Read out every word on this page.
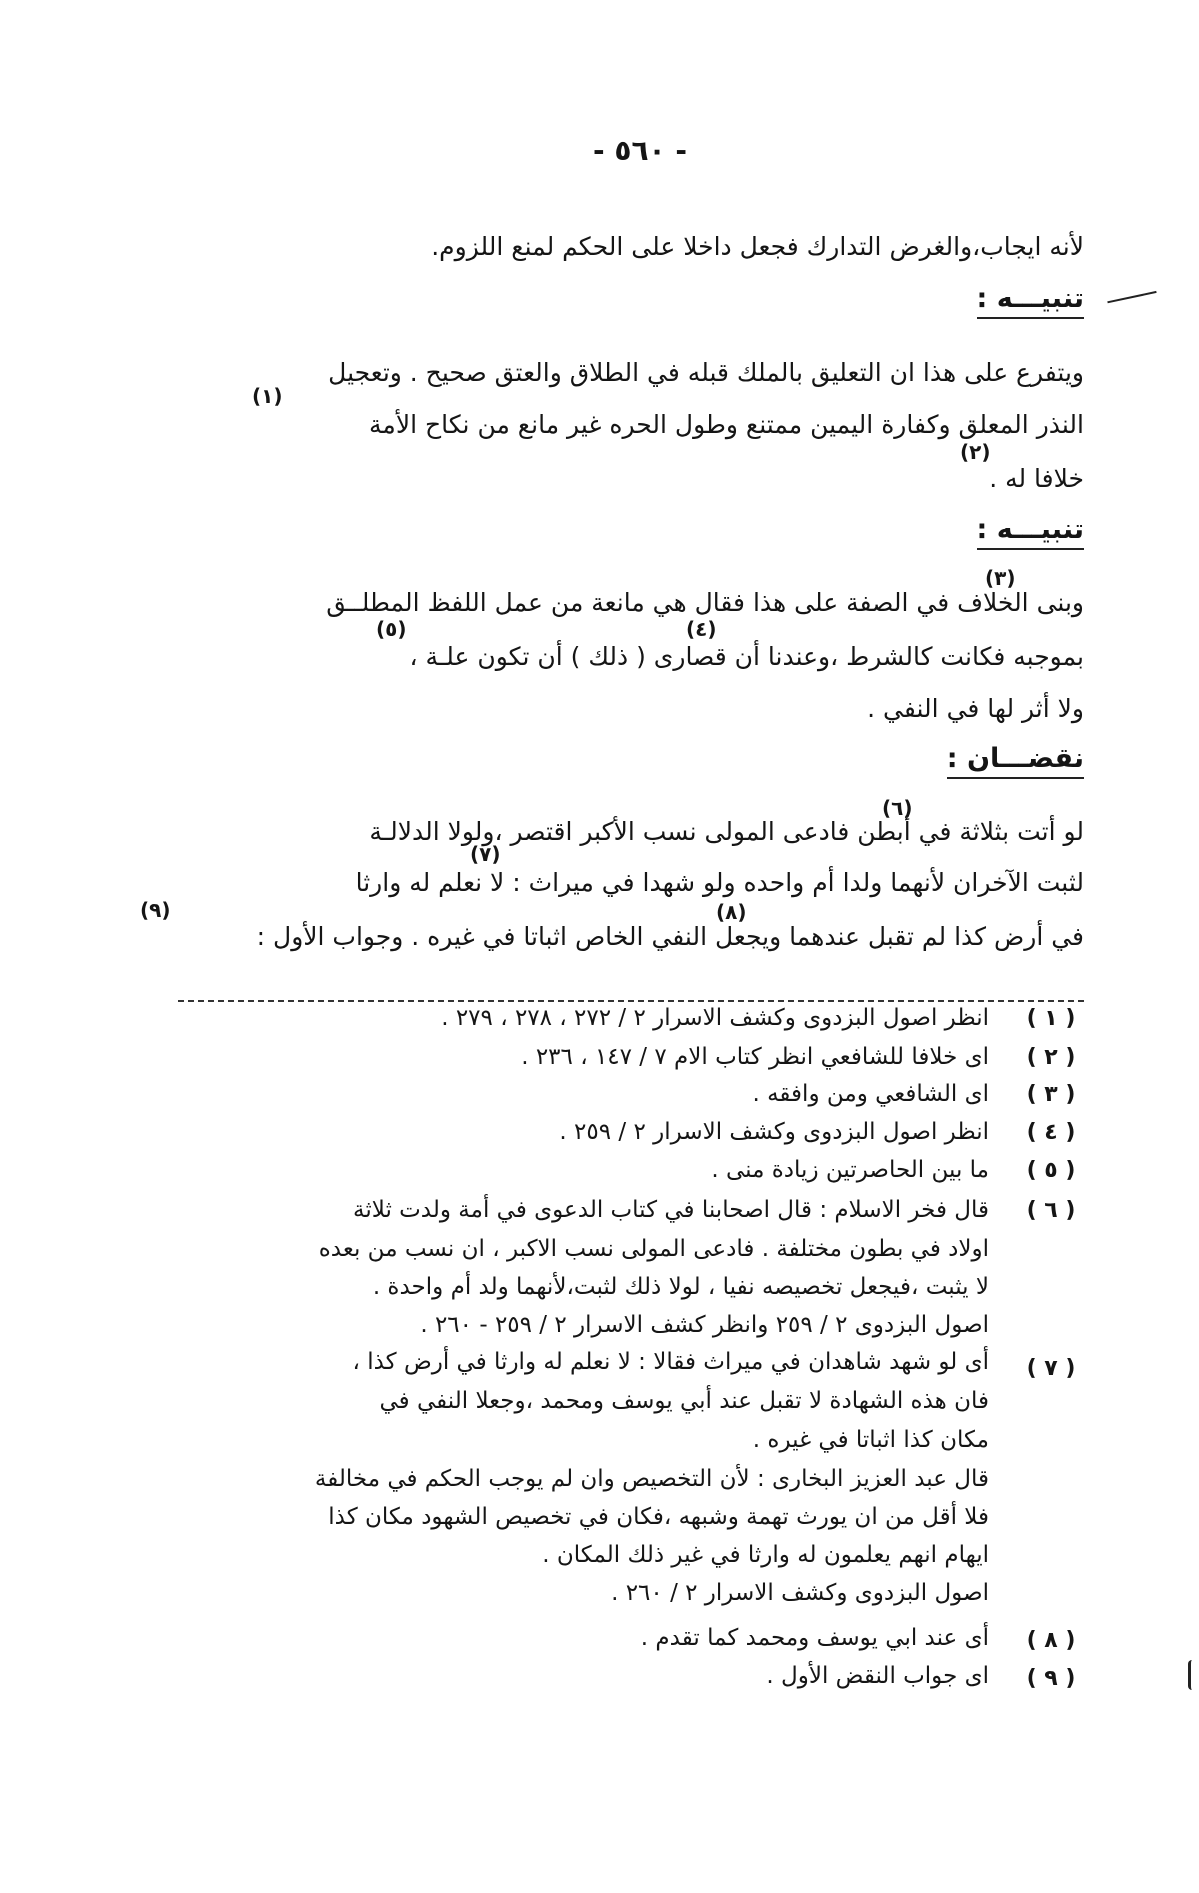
- ٥٦٠ -
لأنه ايجاب،والغرض التدارك فجعل داخلا على الحكم لمنع اللزوم.
تنبيـــه :
ويتفرع على هذا ان التعليق بالملك قبله في الطلاق والعتق صحيح . وتعجيل
(١)
النذر المعلق وكفارة اليمين ممتنع وطول الحره غير مانع من نكاح الأمة
(٢)
خلافا له .
تنبيـــه :
(٣)
وبنى الخلاف في الصفة على هذا فقال هي مانعة من عمل اللفظ المطلــق
(٤)
(٥)
بموجبه فكانت كالشرط ،وعندنا أن قصارى ( ذلك ) أن تكون علـة ،
ولا أثر لها في النفي .
نقضـــان :
(٦)
لو أتت بثلاثة في أبطن فادعى المولى نسب الأكبر اقتصر ،ولولا الدلالـة
(٧)
لثبت الآخران لأنهما ولدا أم واحده ولو شهدا في ميراث : لا نعلم له وارثا
(٨)
(٩)
في أرض كذا لم تقبل عندهما ويجعل النفي الخاص اثباتا في غيره . وجواب الأول :
( ١ )
انظر اصول البزدوى وكشف الاسرار ٢ / ٢٧٢ ، ٢٧٨ ، ٢٧٩ .
( ٢ )
اى خلافا للشافعي انظر كتاب الام ٧ / ١٤٧ ، ٢٣٦ .
( ٣ )
اى الشافعي ومن وافقه .
( ٤ )
انظر اصول البزدوى وكشف الاسرار ٢ / ٢٥٩ .
( ٥ )
ما بين الحاصرتين زيادة منى .
( ٦ )
قال فخر الاسلام : قال اصحابنا في كتاب الدعوى في أمة ولدت ثلاثة
اولاد في بطون مختلفة . فادعى المولى نسب الاكبر ، ان نسب من بعده
لا يثبت ،فيجعل تخصيصه نفيا ، لولا ذلك لثبت،لأنهما ولد أم واحدة .
اصول البزدوى ٢ / ٢٥٩ وانظر كشف الاسرار ٢ / ٢٥٩ - ٢٦٠ .
( ٧ )
أى لو شهد شاهدان في ميراث فقالا : لا نعلم له وارثا في أرض كذا ،
فان هذه الشهادة لا تقبل عند أبي يوسف ومحمد ،وجعلا النفي في
مكان كذا اثباتا في غيره .
قال عبد العزيز البخارى : لأن التخصيص وان لم يوجب الحكم في مخالفة
فلا أقل من ان يورث تهمة وشبهه ،فكان في تخصيص الشهود مكان كذا
ايهام انهم يعلمون له وارثا في غير ذلك المكان .
اصول البزدوى وكشف الاسرار ٢ / ٢٦٠ .
( ٨ )
أى عند ابي يوسف ومحمد كما تقدم .
( ٩ )
اى جواب النقض الأول .
